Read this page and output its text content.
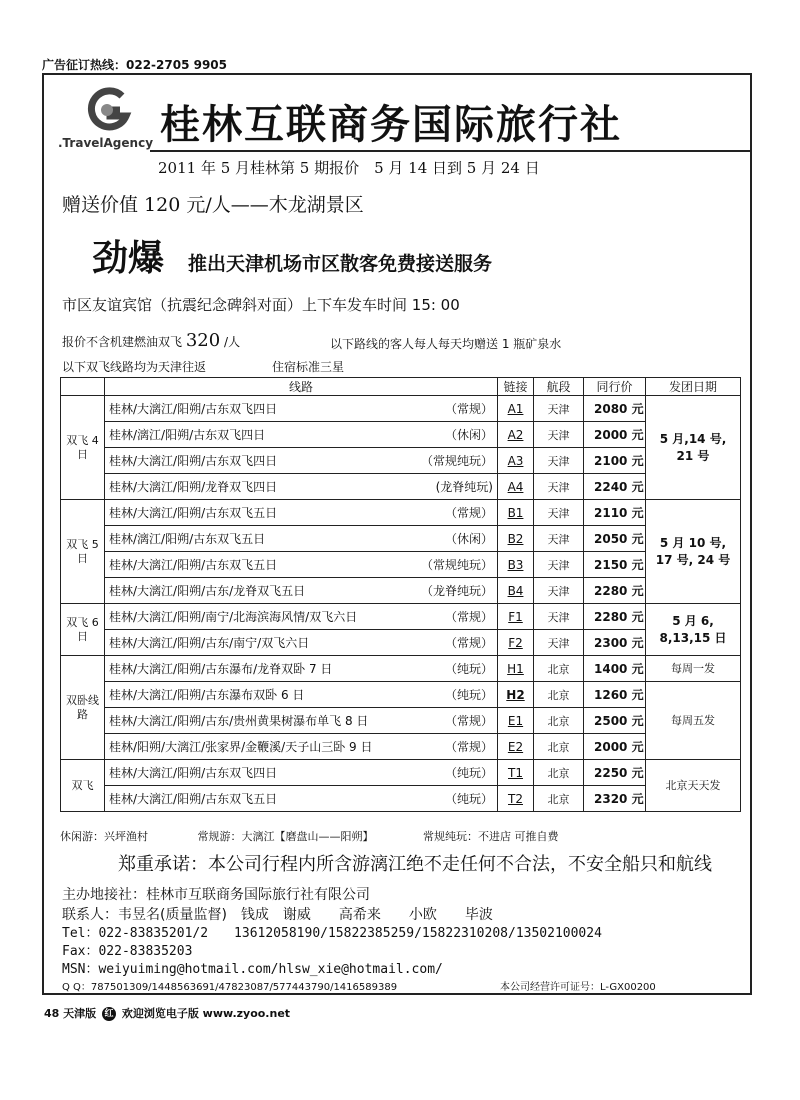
广告征订热线：022-2705 9905
.TravelAgency 桂林互联商务国际旅行社
2011 年 5 月桂林第 5 期报价　5 月 14 日到 5 月 24 日
赠送价值 120 元/人——木龙湖景区
劲爆 推出天津机场市区散客免费接送服务
市区友谊宾馆（抗震纪念碑斜对面）上下车发车时间 15: 00
报价不含机建燃油双飞 320 /人	以下路线的客人每人每天均赠送 1 瓶矿泉水
以下双飞线路均为天津往返	住宿标准三星
	线路	链接	航段	同行价	发团日期
双飞 4日	桂林/大漓江/阳朔/古东双飞四日 （常规）	A1	天津	2080 元	5 月,14 号, 21 号

	桂林/漓江/阳朔/古东双飞四日 （休闲）	A2	天津	2000 元	

	桂林/大漓江/阳朔/古东双飞四日 （常规纯玩）	A3	天津	2100 元	

	桂林/大漓江/阳朔/龙脊双飞四日 (龙脊纯玩)	A4	天津	2240 元	
双飞 5日	桂林/大漓江/阳朔/古东双飞五日 （常规）	B1	天津	2110 元	5 月 10 号, 17 号, 24 号

	桂林/漓江/阳朔/古东双飞五日 （休闲）	B2	天津	2050 元	

	桂林/大漓江/阳朔/古东双飞五日 （常规纯玩）	B3	天津	2150 元	

	桂林/大漓江/阳朔/古东/龙脊双飞五日 （龙脊纯玩）	B4	天津	2280 元	
双飞 6日	桂林/大漓江/阳朔/南宁/北海滨海风情/双飞六日 （常规）	F1	天津	2280 元	5 月 6, 8,13,15 日

	桂林/大漓江/阳朔/古东/南宁/双飞六日 （常规）	F2	天津	2300 元	
双卧线路	桂林/大漓江/阳朔/古东瀑布/龙脊双卧 7 日 （纯玩）	H1	北京	1400 元	每周一发

	桂林/大漓江/阳朔/古东瀑布双卧 6 日 （纯玩）	H2	北京	1260 元	每周五发

	桂林/大漓江/阳朔/古东/贵州黄果树瀑布单飞 8 日 （常规）	E1	北京	2500 元	

	桂林/阳朔/大漓江/张家界/金鞭溪/天子山三卧 9 日 （常规）	E2	北京	2000 元	
双飞	桂林/大漓江/阳朔/古东双飞四日 （纯玩）	T1	北京	2250 元	北京天天发

	桂林/大漓江/阳朔/古东双飞五日 （纯玩）	T2	北京	2320 元	
休闲游：兴坪渔村	常规游：大漓江【磨盘山——阳朔】	常规纯玩：不进店 可推自费
郑重承诺：本公司行程内所含游漓江绝不走任何不合法，不安全船只和航线
主办地接社：桂林市互联商务国际旅行社有限公司
联系人：韦昱名(质量监督)　钱成　谢威　　高希来　　小欧　　毕波
Tel：022-83835201/2　　13612058190/15822385259/15822310208/13502100024
Fax：022-83835203
MSN：weiyuiming@hotmail.com/hlsw_xie@hotmail.com/
Q Q：787501309/1448563691/47823087/577443790/1416589389	本公司经营许可证号：L-GX00200
48 天津版 红 欢迎浏览电子版 www.zyoo.net
